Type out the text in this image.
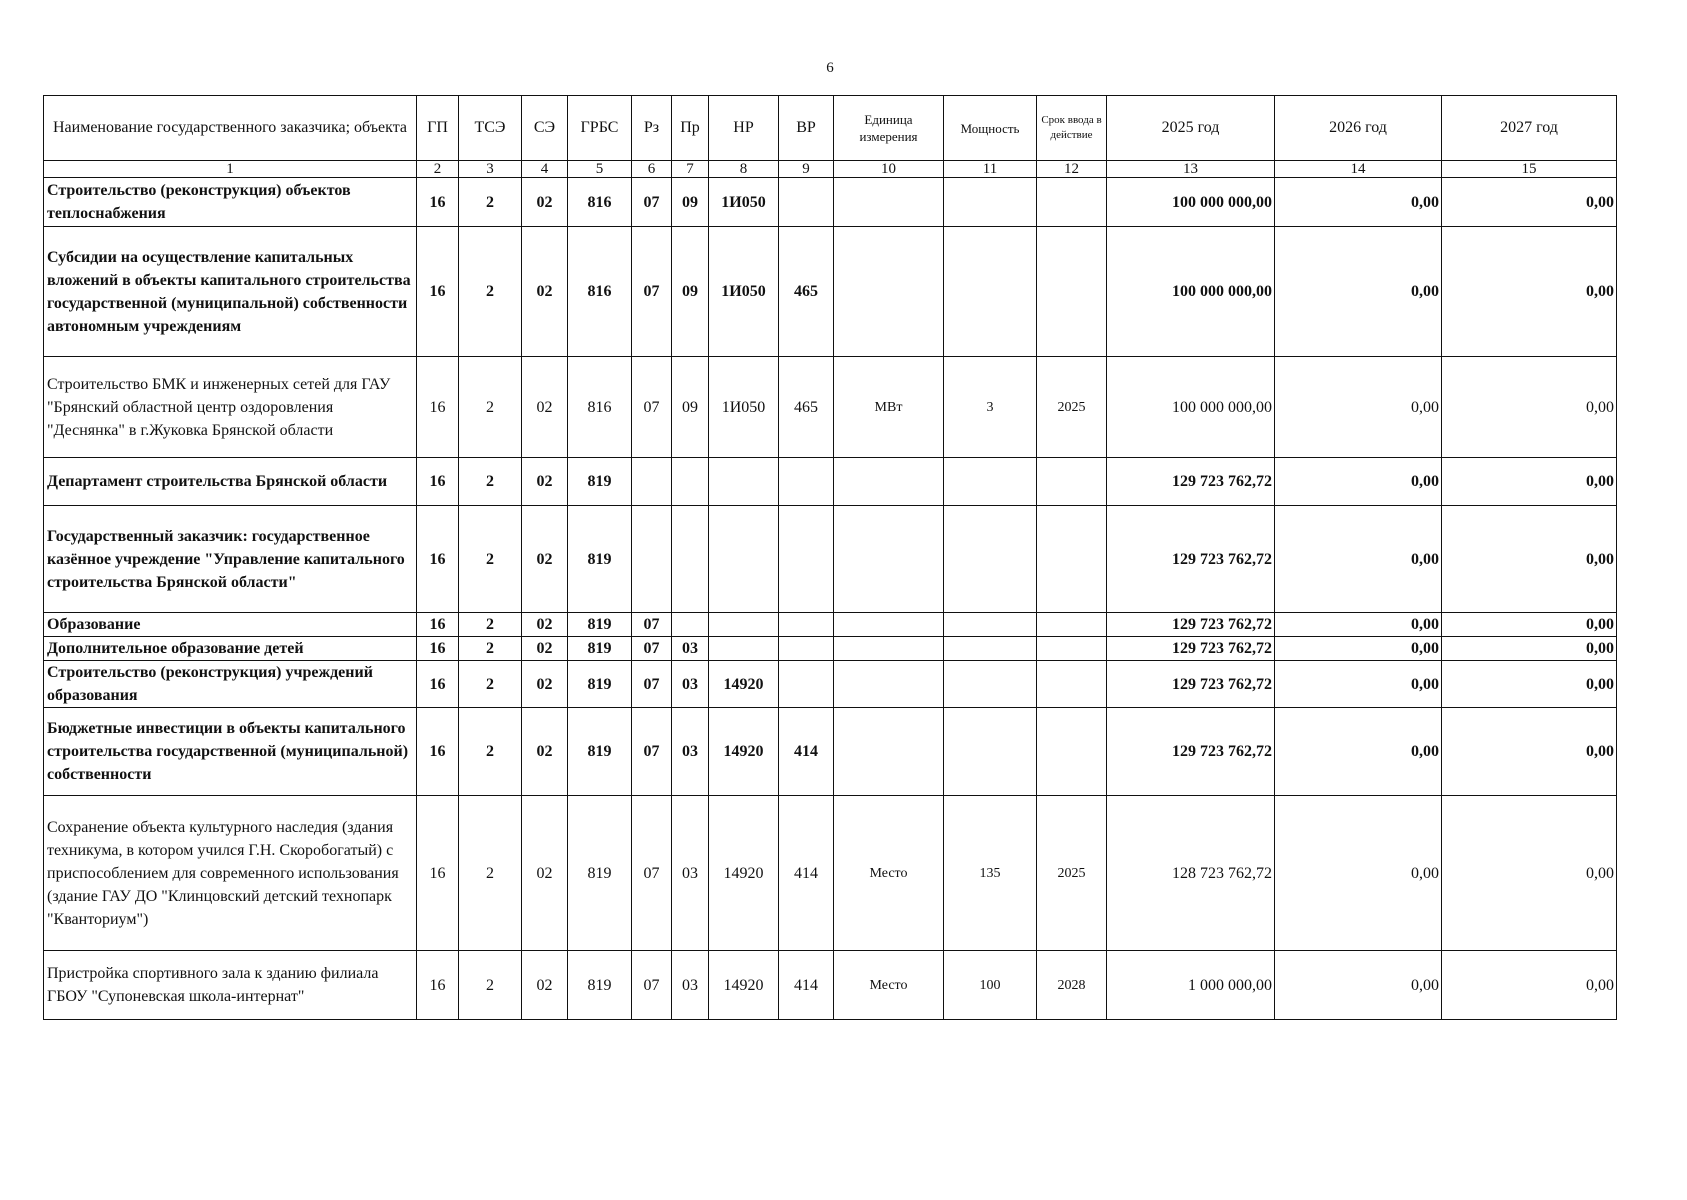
6
Наименование государственного заказчика; объекта	ГП	ТСЭ	СЭ	ГРБС	Рз	Пр	НР	ВР	Единица измерения	Мощность	Срок ввода в действие	2025 год	2026 год	2027 год
1	2	3	4	5	6	7	8	9	10	11	12	13	14	15
Строительство (реконструкция) объектов теплоснабжения	16	2	02	816	07	09	1И050					100 000 000,00	0,00	0,00
Субсидии на осуществление капитальных вложений в объекты капитального строительства государственной (муниципальной) собственности автономным учреждениям	16	2	02	816	07	09	1И050	465				100 000 000,00	0,00	0,00
Строительство БМК и инженерных сетей для ГАУ "Брянский областной центр оздоровления "Деснянка" в г.Жуковка Брянской области	16	2	02	816	07	09	1И050	465	МВт	3	2025	100 000 000,00	0,00	0,00
Департамент строительства Брянской области	16	2	02	819								129 723 762,72	0,00	0,00
Государственный заказчик: государственное казённое учреждение "Управление капитального строительства Брянской области"	16	2	02	819								129 723 762,72	0,00	0,00
Образование	16	2	02	819	07							129 723 762,72	0,00	0,00
Дополнительное образование детей	16	2	02	819	07	03						129 723 762,72	0,00	0,00
Строительство (реконструкция) учреждений образования	16	2	02	819	07	03	14920					129 723 762,72	0,00	0,00
Бюджетные инвестиции в объекты капитального строительства государственной (муниципальной) собственности	16	2	02	819	07	03	14920	414				129 723 762,72	0,00	0,00
Сохранение объекта культурного наследия (здания техникума, в котором учился Г.Н. Скоробогатый) с приспособлением для современного использования (здание ГАУ ДО "Клинцовский детский технопарк "Кванториум")	16	2	02	819	07	03	14920	414	Место	135	2025	128 723 762,72	0,00	0,00
Пристройка спортивного зала к зданию филиала ГБОУ "Супоневская школа-интернат"	16	2	02	819	07	03	14920	414	Место	100	2028	1 000 000,00	0,00	0,00
